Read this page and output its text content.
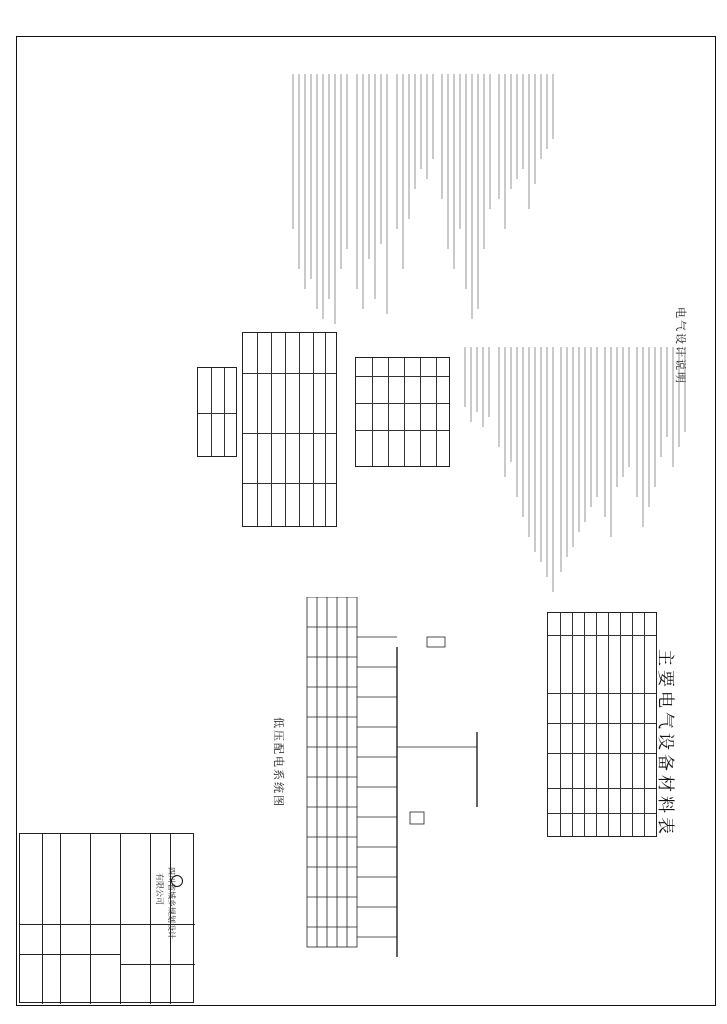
电气设计说明
主要电气设备材料表
低压配电系统图
四川省城乡规划设计
有限公司
